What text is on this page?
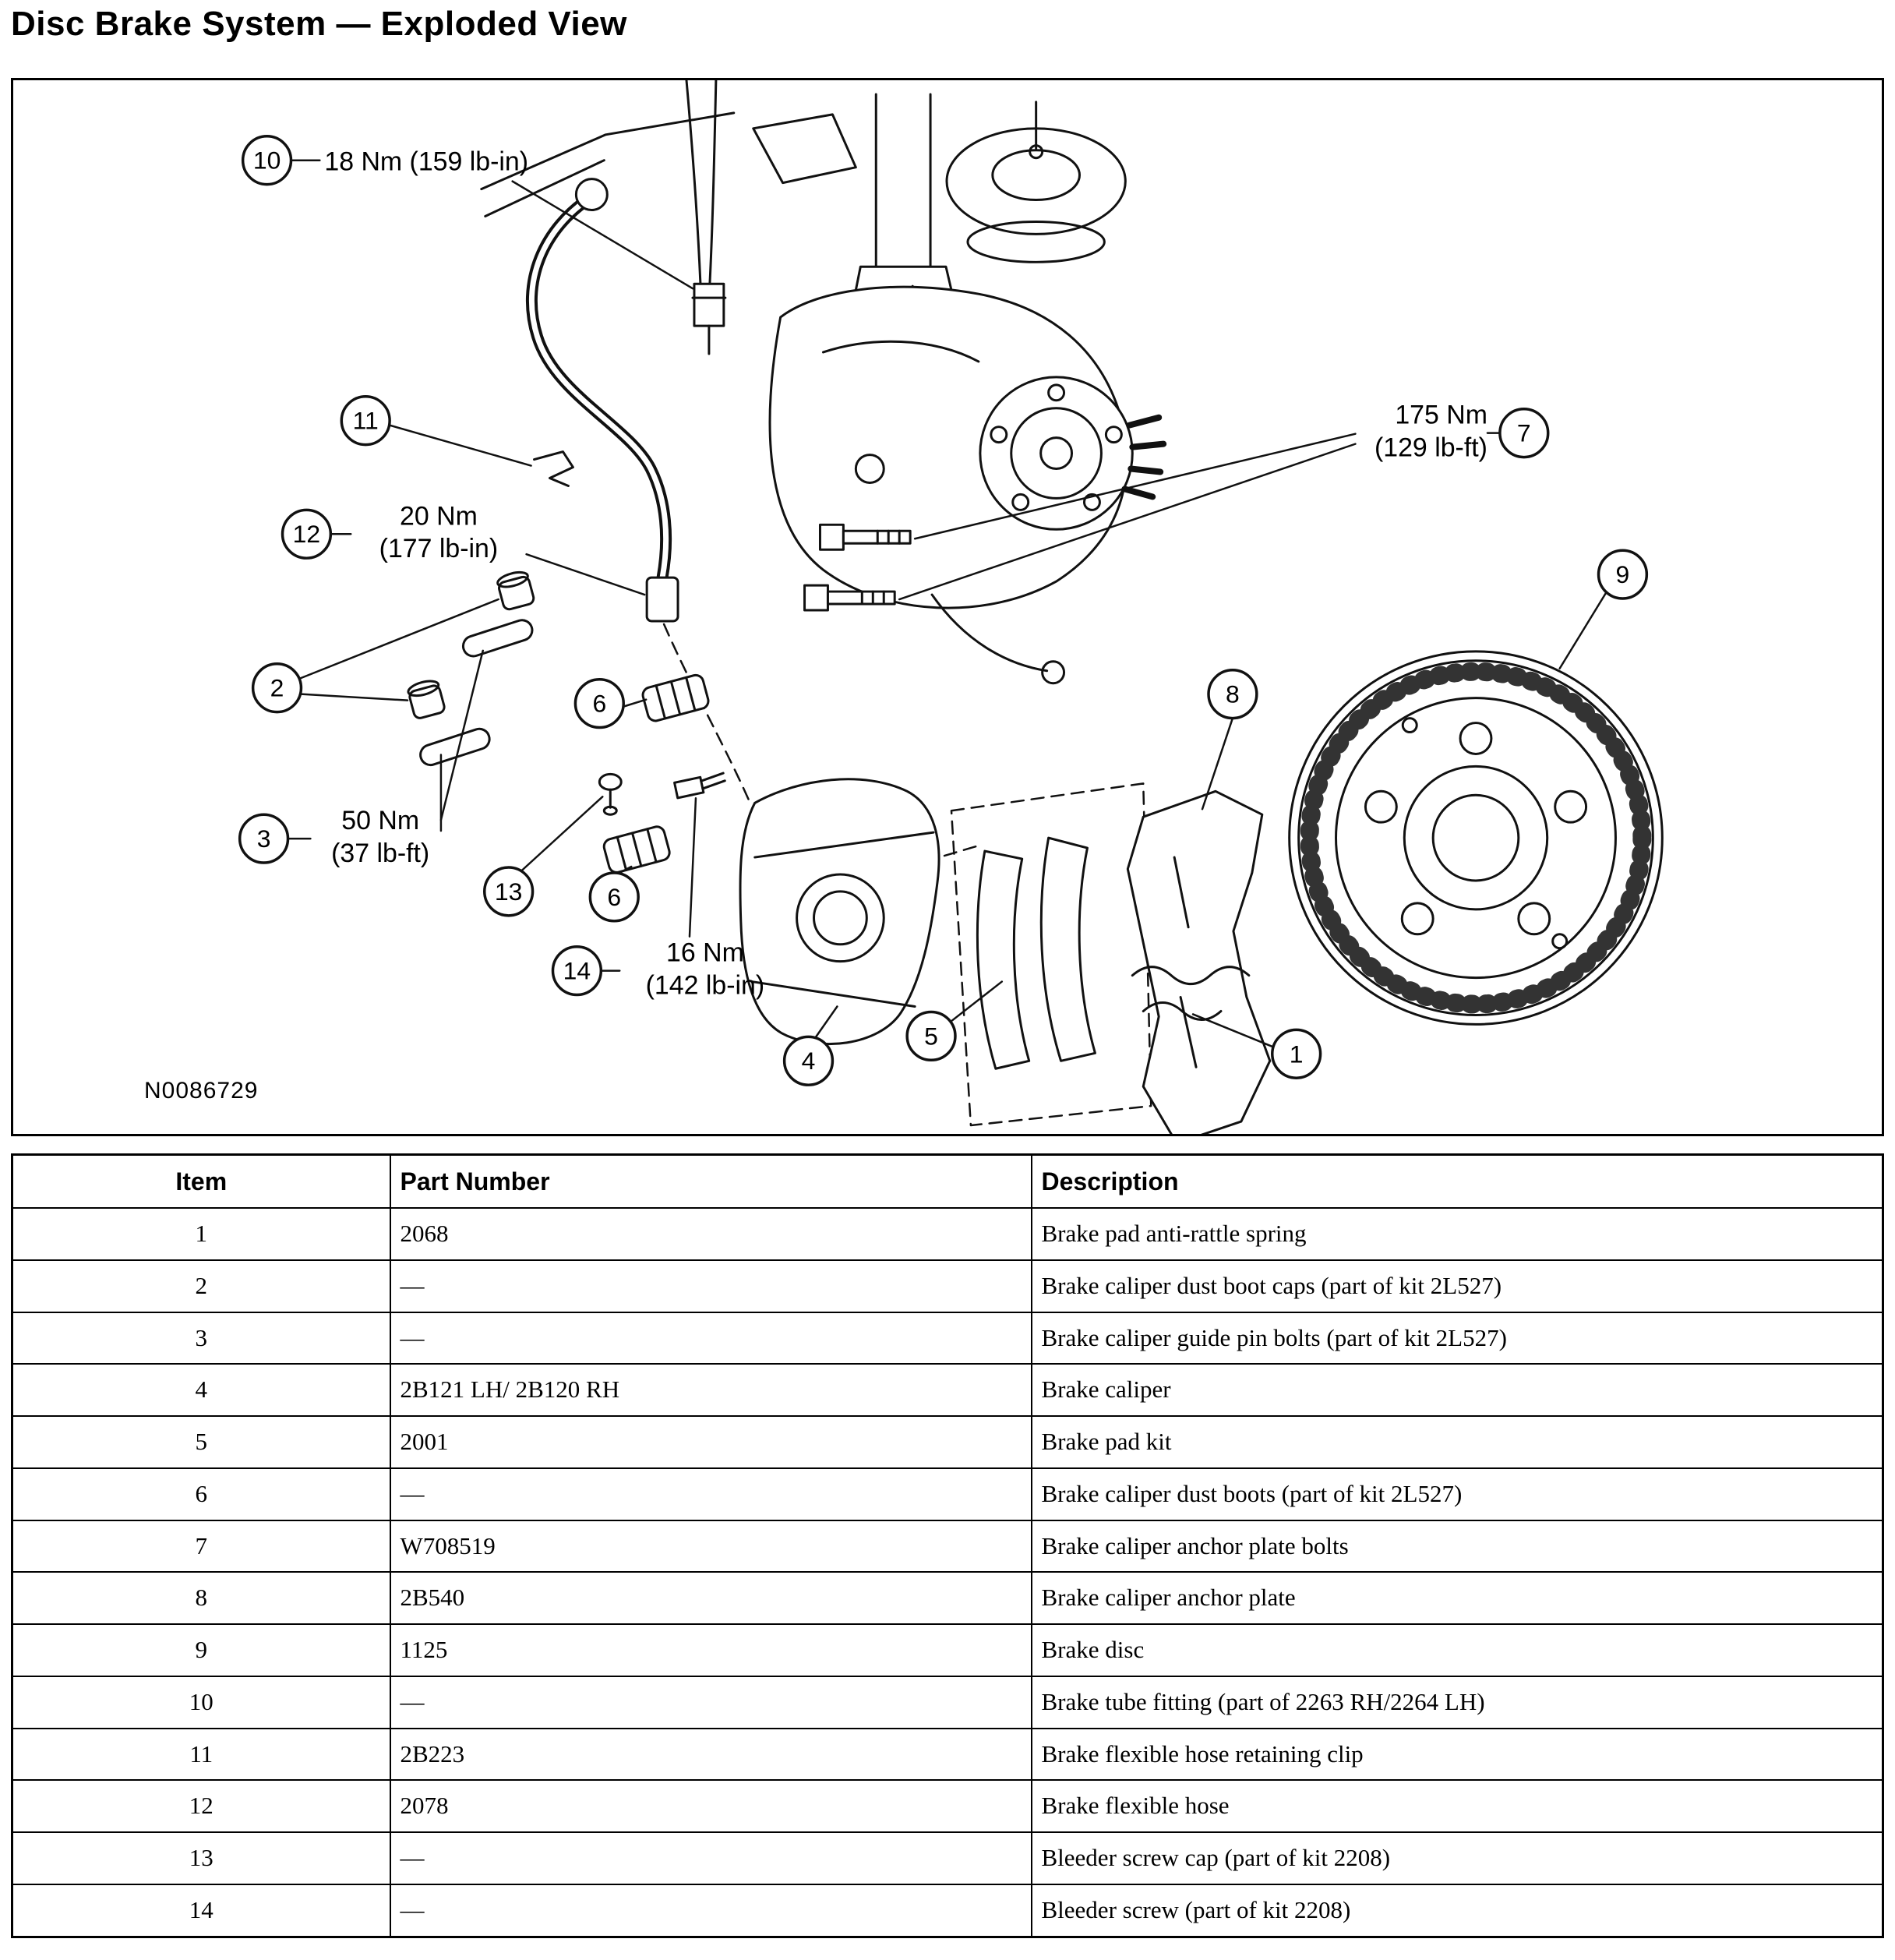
Disc Brake System — Exploded View
10 18 Nm (159 lb-in)
11
12
20 Nm
(177 lb-in)
2
6
3
50 Nm
(37 lb-ft)
13	6
14
16 Nm
(142 lb-in)
4
5
1
8
7
175 Nm
(129 lb-ft)
9
N0086729
Item	Part Number	Description
1	2068	Brake pad anti-rattle spring
2	—	Brake caliper dust boot caps (part of kit 2L527)
3	—	Brake caliper guide pin bolts (part of kit 2L527)
4	2B121 LH/ 2B120 RH	Brake caliper
5	2001	Brake pad kit
6	—	Brake caliper dust boots (part of kit 2L527)
7	W708519	Brake caliper anchor plate bolts
8	2B540	Brake caliper anchor plate
9	1125	Brake disc
10	—	Brake tube fitting (part of 2263 RH/2264 LH)
11	2B223	Brake flexible hose retaining clip
12	2078	Brake flexible hose
13	—	Bleeder screw cap (part of kit 2208)
14	—	Bleeder screw (part of kit 2208)
